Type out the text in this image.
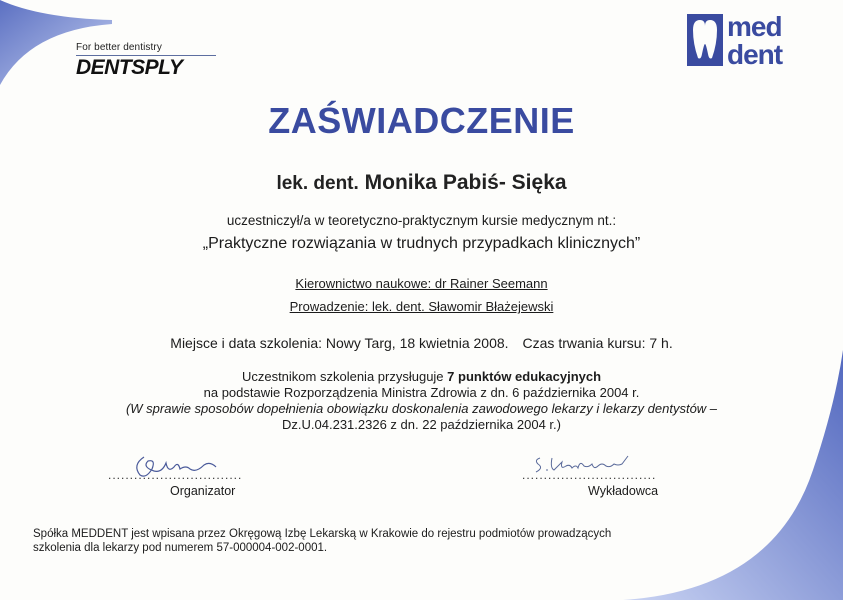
For better dentistry
DENTSPLY
med
dent
ZAŚWIADCZENIE
lek. dent. Monika Pabiś- Sięka
uczestniczył/a w teoretyczno-praktycznym kursie medycznym nt.:
„Praktyczne rozwiązania w trudnych przypadkach klinicznych”
Kierownictwo naukowe: dr Rainer Seemann
Prowadzenie: lek. dent. Sławomir Błażejewski
Miejsce i data szkolenia: Nowy Targ, 18 kwietnia 2008. Czas trwania kursu: 7 h.
Uczestnikom szkolenia przysługuje 7 punktów edukacyjnych
na podstawie Rozporządzenia Ministra Zdrowia z dn. 6 października 2004 r.
(W sprawie sposobów dopełnienia obowiązku doskonalenia zawodowego lekarzy i lekarzy dentystów –
Dz.U.04.231.2326 z dn. 22 października 2004 r.)
...............................
Organizator
...............................
Wykładowca
Spółka MEDDENT jest wpisana przez Okręgową Izbę Lekarską w Krakowie do rejestru podmiotów prowadzących
szkolenia dla lekarzy pod numerem 57-000004-002-0001.
